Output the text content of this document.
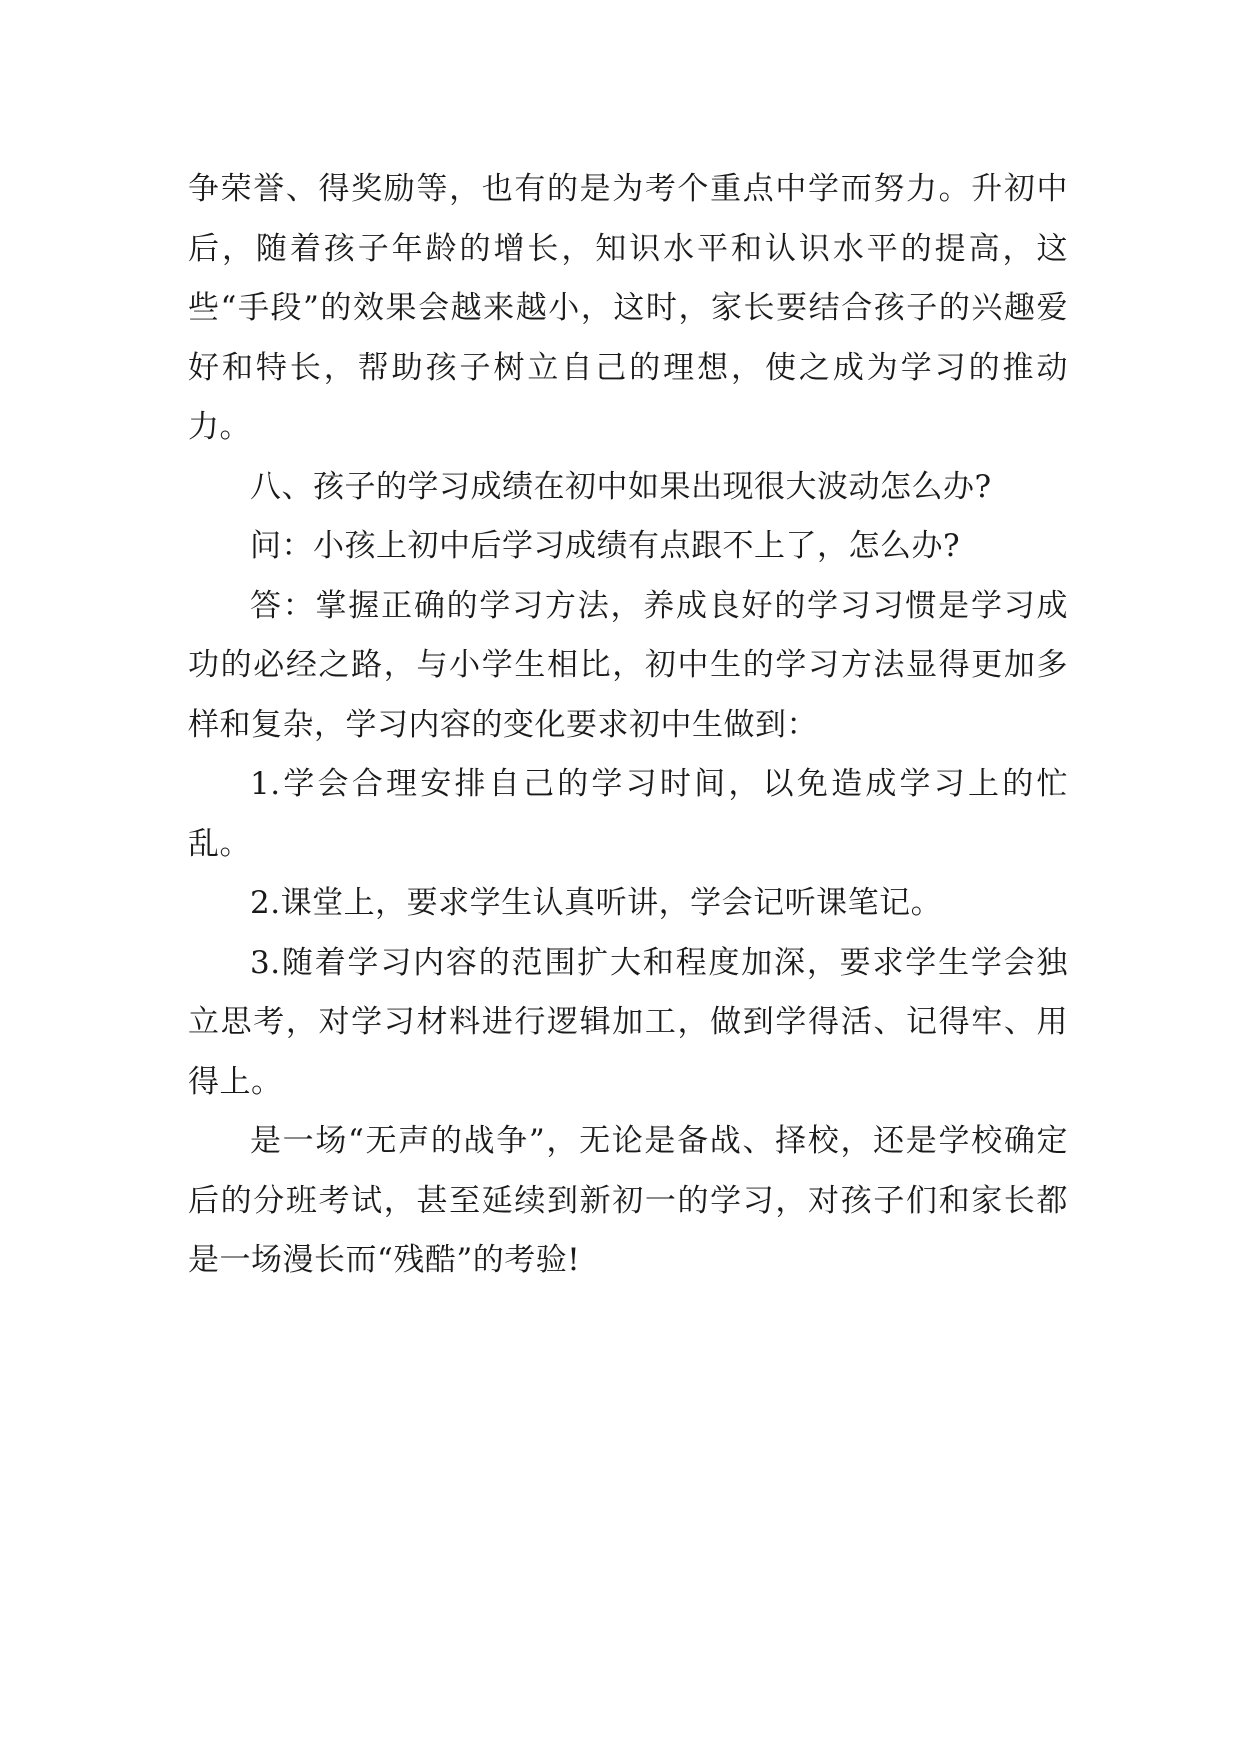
争荣誉、得奖励等，也有的是为考个重点中学而努力。升初中后，随着孩子年龄的增长，知识水平和认识水平的提高，这些“手段”的效果会越来越小，这时，家长要结合孩子的兴趣爱好和特长，帮助孩子树立自己的理想，使之成为学习的推动力。

八、孩子的学习成绩在初中如果出现很大波动怎么办?

问：小孩上初中后学习成绩有点跟不上了，怎么办?

答：掌握正确的学习方法，养成良好的学习习惯是学习成功的必经之路，与小学生相比，初中生的学习方法显得更加多样和复杂，学习内容的变化要求初中生做到：

1.学会合理安排自己的学习时间，以免造成学习上的忙乱。

2.课堂上，要求学生认真听讲，学会记听课笔记。

3.随着学习内容的范围扩大和程度加深，要求学生学会独立思考，对学习材料进行逻辑加工，做到学得活、记得牢、用得上。

是一场“无声的战争”，无论是备战、择校，还是学校确定后的分班考试，甚至延续到新初一的学习，对孩子们和家长都是一场漫长而“残酷”的考验!
